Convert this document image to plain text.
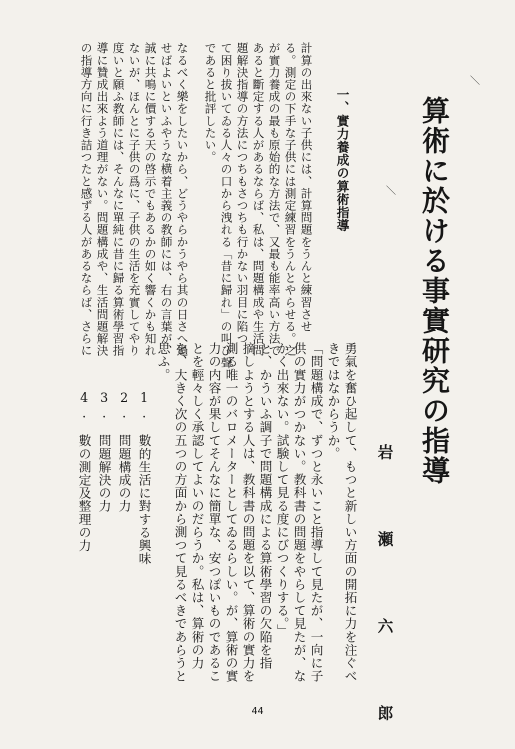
算術に於ける事實研究の指導
＼
＼
岩　瀬　六　郎
勇氣を奮ひ起して、もつと新しい方面の開拓に力を注ぐべ
きではなからうか。
「問題構成で、ずつと永いこと指導して見たが、一向に子
供の實力がつかない。教科書の問題をやらして見たが、な
かく出來ない。試験して見る度にびつくりする。」
と、かういふ調子で問題構成による算術學習の欠陥を指
摘しようとする人は、教科書の問題を以て、算術の實力を
測る唯一のバロメーターとしてゐるらしい。が、算術の實
力の内容が果してそんなに簡單な、安つぽいものであるこ
とを輕々しく承認してよいのだらうか。私は、算術の力
を、大きく次の五つの方面から測つて見るべきであらうと
思ふ。
1.　數的生活に對する興味
2.　問題構成の力
3.　問題解決の力
4.　數の測定及整理の力
一、實力養成の算術指導
計算の出來ない子供には、計算問題をうんと練習させ
る。測定の下手な子供には測定練習をうんとやらせる。之
が實力養成の最も原始的な方法で、又最も能率高い方法で
あると斷定する人があるならば、私は、問題構成や生活問
題解決指導の方法につちもさつちも行かない羽目に陷つ
て困り拔いてゐる人々の口から洩れる「昔に歸れ」の叫び聲
であると批評したい。
なるべく樂をしたいから、どうやらかうやら其の日さへ過
せばよいといふやうな横着主義の教師には、右の言葉が、
誠に共鳴に價する天の啓示でもあるかの如く響くかも知れ
ないが、ほんとに子供の爲に、子供の生活を充實してやり
度いと願ふ教師には、そんなに單純に昔に歸る算術學習指
導に贊成出來よう道理がない。問題構成や、生活問題解決
の指導方向に行き詰つたと感ずる人があるならば、さらに
44
